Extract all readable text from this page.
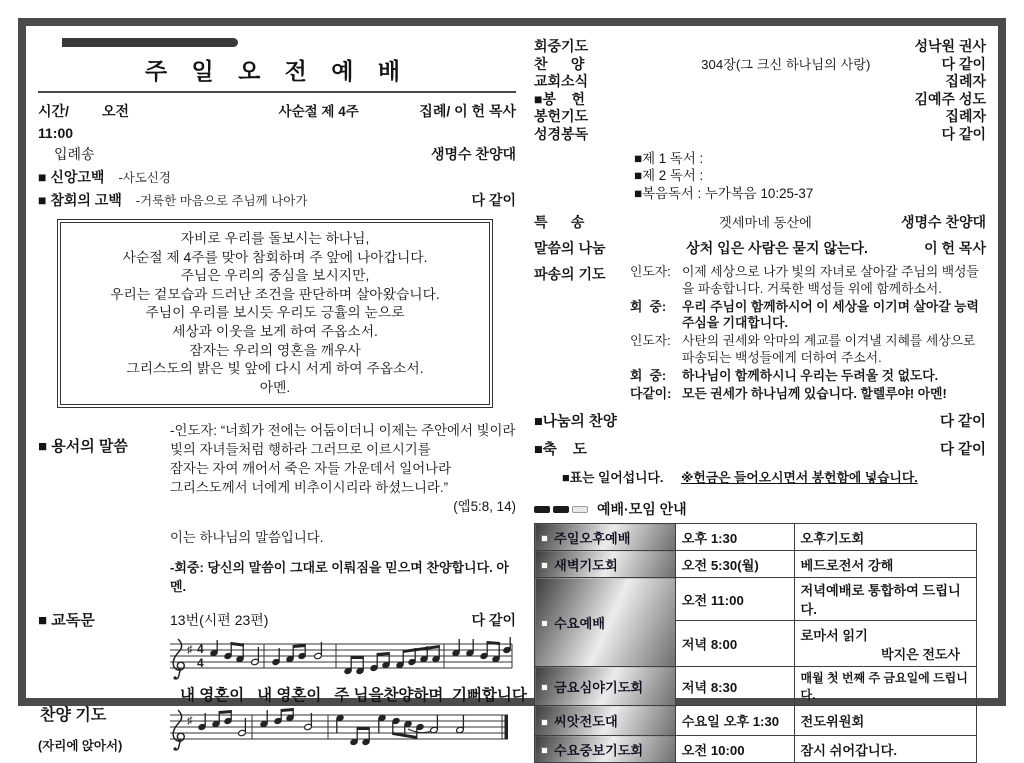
주 일 오 전 예 배
시간/	오전	사순절 제 4주	집례/ 이 헌 목사
11:00
입례송	생명수 찬양대
■ 신앙고백 -사도신경
■ 참회의 고백 -거룩한 마음으로 주님께 나아가	다 같이
자비로 우리를 돌보시는 하나님,
사순절 제 4주를 맞아 참회하며 주 앞에 나아갑니다.
주님은 우리의 중심을 보시지만,
우리는 겉모습과 드러난 조건을 판단하며 살아왔습니다.
주님이 우리를 보시듯 우리도 긍휼의 눈으로
세상과 이웃을 보게 하여 주옵소서.
잠자는 우리의 영혼을 깨우사
그리스도의 밝은 빛 앞에 다시 서게 하여 주옵소서.
아멘.
■ 용서의 말씀
-인도자: “너희가 전에는 어둠이더니 이제는 주안에서 빛이라
빛의 자녀들처럼 행하라 그러므로 이르시기를
잠자는 자여 깨어서 죽은 자들 가운데서 일어나라
그리스도께서 너에게 비추이시리라 하셨느니라.”
(엡5:8, 14)
이는 하나님의 말씀입니다.
-회중: 당신의 말씀이 그대로 이뤄짐을 믿으며 찬양합니다. 아멘.
■ 교독문	13번(시편 23편)	다 같이
찬양 기도
(자리에 앉아서)
♯ 4
4
내 영혼이   내 영혼이   주 님을찬양하며  기뻐합니다
♯
회중기도	성낙원 권사
찬      양	304장(그 크신 하나님의 사랑)	다 같이
교회소식	집례자
■봉    헌	김예주 성도
봉헌기도	집례자
성경봉독	다 같이
■제 1 독서 :
■제 2 독서 :
■복음독서 : 누가복음 10:25-37
특      송	겟세마네 동산에	생명수 찬양대
말씀의 나눔	상처 입은 사람은 묻지 않는다.	이 헌 목사
파송의 기도	인도자: 이제 세상으로 나가 빛의 자녀로 살아갈 주님의 백성들을 파송합니다. 거룩한 백성들 위에 함께하소서.
회  중:	우리 주님이 함께하시어 이 세상을 이기며 살아갈 능력 주심을 기대합니다.
인도자: 사탄의 권세와 악마의 계교를 이겨낼 지혜를 세상으로 파송되는 백성들에게 더하여 주소서.
회  중:	하나님이 함께하시니 우리는 두려울 것 없도다.
다같이: 모든 권세가 하나님께 있습니다. 할렐루야! 아멘!
■나눔의 찬양	다 같이
■축    도	다 같이
■표는 일어섭니다. ※헌금은 들어오시면서 봉헌함에 넣습니다.
예배·모임 안내
주일오후예배	오후 1:30	오후기도회
새벽기도회	오전 5:30(월)	베드로전서 강해
수요예배	오전 11:00	저녁예배로 통합하여 드립니다.
	저녁 8:00	로마서 읽기
박지은 전도사

금요심야기도회	저녁 8:30	매월 첫 번째 주 금요일에 드립니다.
씨앗전도대	수요일 오후 1:30	전도위원회
수요중보기도회	오전 10:00	잠시 쉬어갑니다.
